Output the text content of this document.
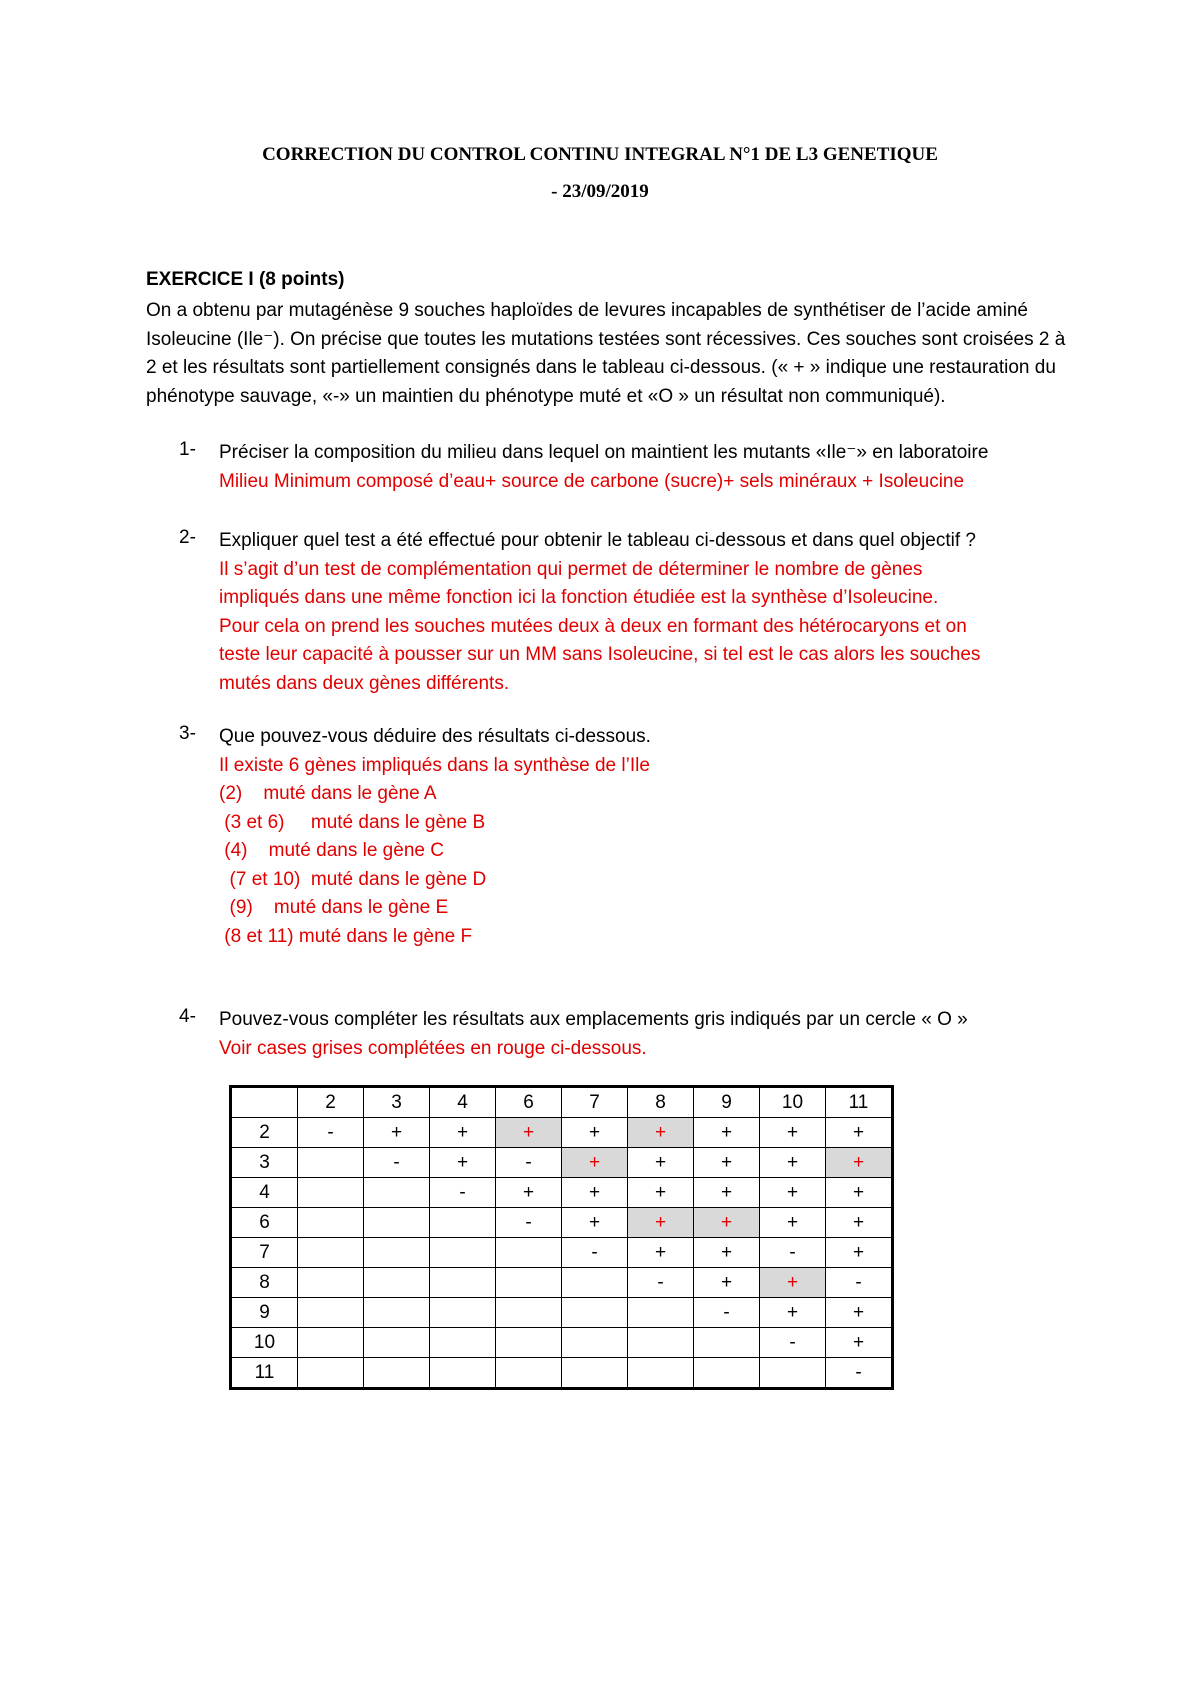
CORRECTION DU CONTROL CONTINU INTEGRAL N°1 DE L3 GENETIQUE
- 23/09/2019
EXERCICE I (8 points)
On a obtenu par mutagénèse 9 souches haploïdes de levures incapables de synthétiser de l’acide aminé Isoleucine (Ile⁻). On précise que toutes les mutations testées sont récessives. Ces souches sont croisées 2 à 2 et les résultats sont partiellement consignés dans le tableau ci-dessous. (« + » indique une restauration du phénotype sauvage, «-» un maintien du phénotype muté et «O » un résultat non communiqué).
1- Préciser la composition du milieu dans lequel on maintient les mutants «Ile⁻» en laboratoire
Milieu Minimum composé d’eau+ source de carbone (sucre)+ sels minéraux + Isoleucine
2- Expliquer quel test a été effectué pour obtenir le tableau ci-dessous et dans quel objectif ?
Il s’agit d’un test de complémentation qui permet de déterminer le nombre de gènes
impliqués dans une même fonction ici la fonction étudiée est la synthèse d’Isoleucine.
Pour cela on prend les souches mutées deux à deux en formant des hétérocaryons et on
teste leur capacité à pousser sur un MM sans Isoleucine, si tel est le cas alors les souches
mutés dans deux gènes différents.
3- Que pouvez-vous déduire des résultats ci-dessous.
Il existe 6 gènes impliqués dans la synthèse de l’Ile
(2)    muté dans le gène A
(3 et 6)     muté dans le gène B
(4)    muté dans le gène C
(7 et 10)  muté dans le gène D
(9)    muté dans le gène E
(8 et 11) muté dans le gène F
4- Pouvez-vous compléter les résultats aux emplacements gris indiqués par un cercle « O »
Voir cases grises complétées en rouge ci-dessous.
	2	3	4	6	7	8	9	10	11
2	-	+	+	+	+	+	+	+	+
3		-	+	-	+	+	+	+	+
4			-	+	+	+	+	+	+
6				-	+	+	+	+	+
7					-	+	+	-	+
8						-	+	+	-
9							-	+	+
10								-	+
11									-
